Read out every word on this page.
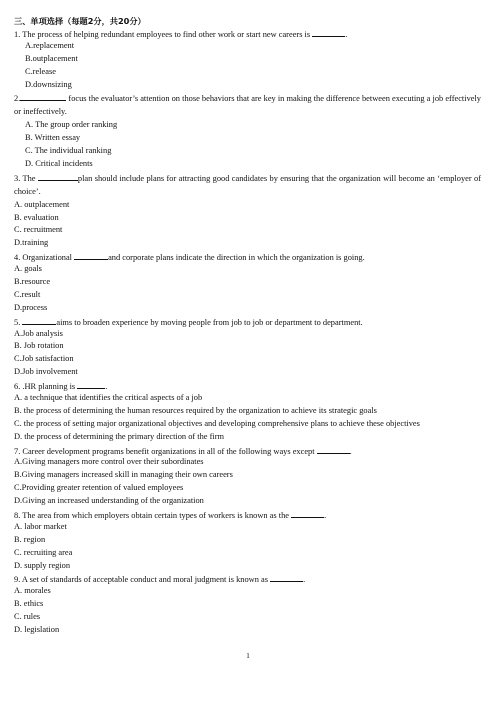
三、单项选择（每题2分，共20分）
1. The process of helping redundant employees to find other work or start new careers is	.
A.replacement
B.outplacement
C.release
D.downsizing
2.	focus the evaluator’s attention on those behaviors that are key in making the difference between executing a job effectively or ineffectively.
A. The group order ranking
B. Written essay
C. The individual ranking
D. Critical incidents
3. The	plan should include plans for attracting good candidates by ensuring that the organization will become an ‘employer of choice’.
A. outplacement
B. evaluation
C. recruitment
D.training
4. Organizational	and corporate plans indicate the direction in which the organization is going.
A. goals
B.resource
C.result
D.process
5.	aims to broaden experience by moving people from job to job or department to department.
A.Job analysis
B. Job rotation
C.Job satisfaction
D.Job involvement
6. .HR planning is	.
A. a technique that identifies the critical aspects of a job
B. the process of determining the human resources required by the organization to achieve its strategic goals
C. the process of setting major organizational objectives and developing comprehensive plans to achieve these objectives
D. the process of determining the primary direction of the firm
7. Career development programs benefit organizations in all of the following ways except	.
A.Giving managers more control over their subordinates
B.Giving managers increased skill in managing their own careers
C.Providing greater retention of valued employees
D.Giving an increased understanding of the organization
8. The area from which employers obtain certain types of workers is known as the	.
A. labor market
B. region
C. recruiting area
D. supply region
9. A set of standards of acceptable conduct and moral judgment is known as	.
A. morales
B. ethics
C. rules
D. legislation
1
